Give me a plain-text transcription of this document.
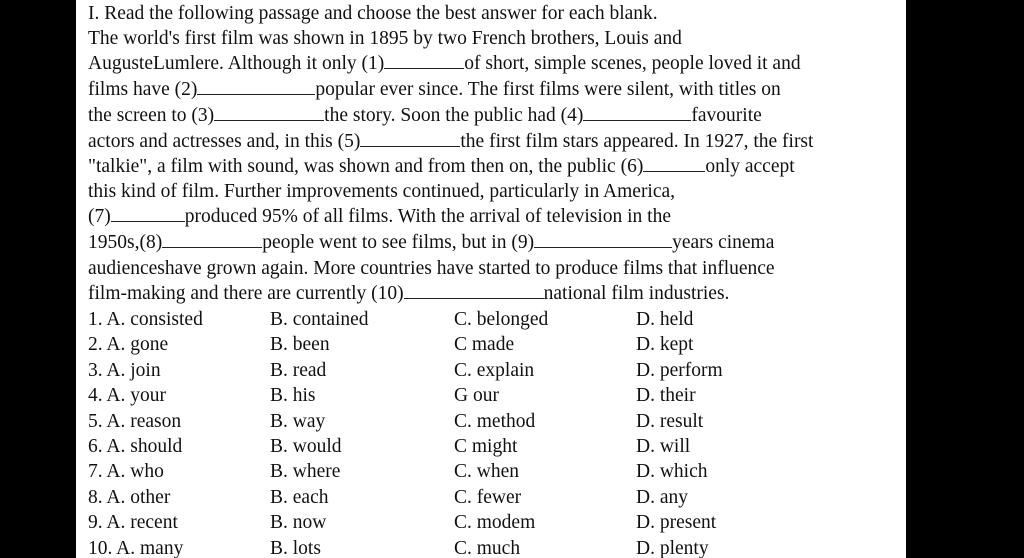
I. Read the following passage and choose the best answer for each blank.
The world's first film was shown in 1895 by two French brothers, Louis and
AugusteLumlere. Although it only (1)	of short, simple scenes, people loved it and
films have (2)	popular ever since. The first films were silent, with titles on
the screen to (3)	the story. Soon the public had (4)	favourite
actors and actresses and, in this (5)	the first film stars appeared. In 1927, the first
"talkie", a film with sound, was shown and from then on, the public (6)	only accept
this kind of film. Further improvements continued, particularly in America,
(7)	produced 95% of all films. With the arrival of television in the
1950s,(8)	people went to see films, but in (9)	years cinema
audienceshave grown again. More countries have started to produce films that influence
film-making and there are currently (10)	national film industries.
1. A. consisted	B. contained	C. belonged	D. held
2. A. gone	B. been	C made	D. kept
3. A. join	B. read	C. explain	D. perform
4. A. your	B. his	G our	D. their
5. A. reason	B. way	C. method	D. result
6. A. should	B. would	C might	D. will
7. A. who	B. where	C. when	D. which
8. A. other	B. each	C. fewer	D. any
9. A. recent	B. now	C. modem	D. present
10. A. many	B. lots	C. much	D. plenty
